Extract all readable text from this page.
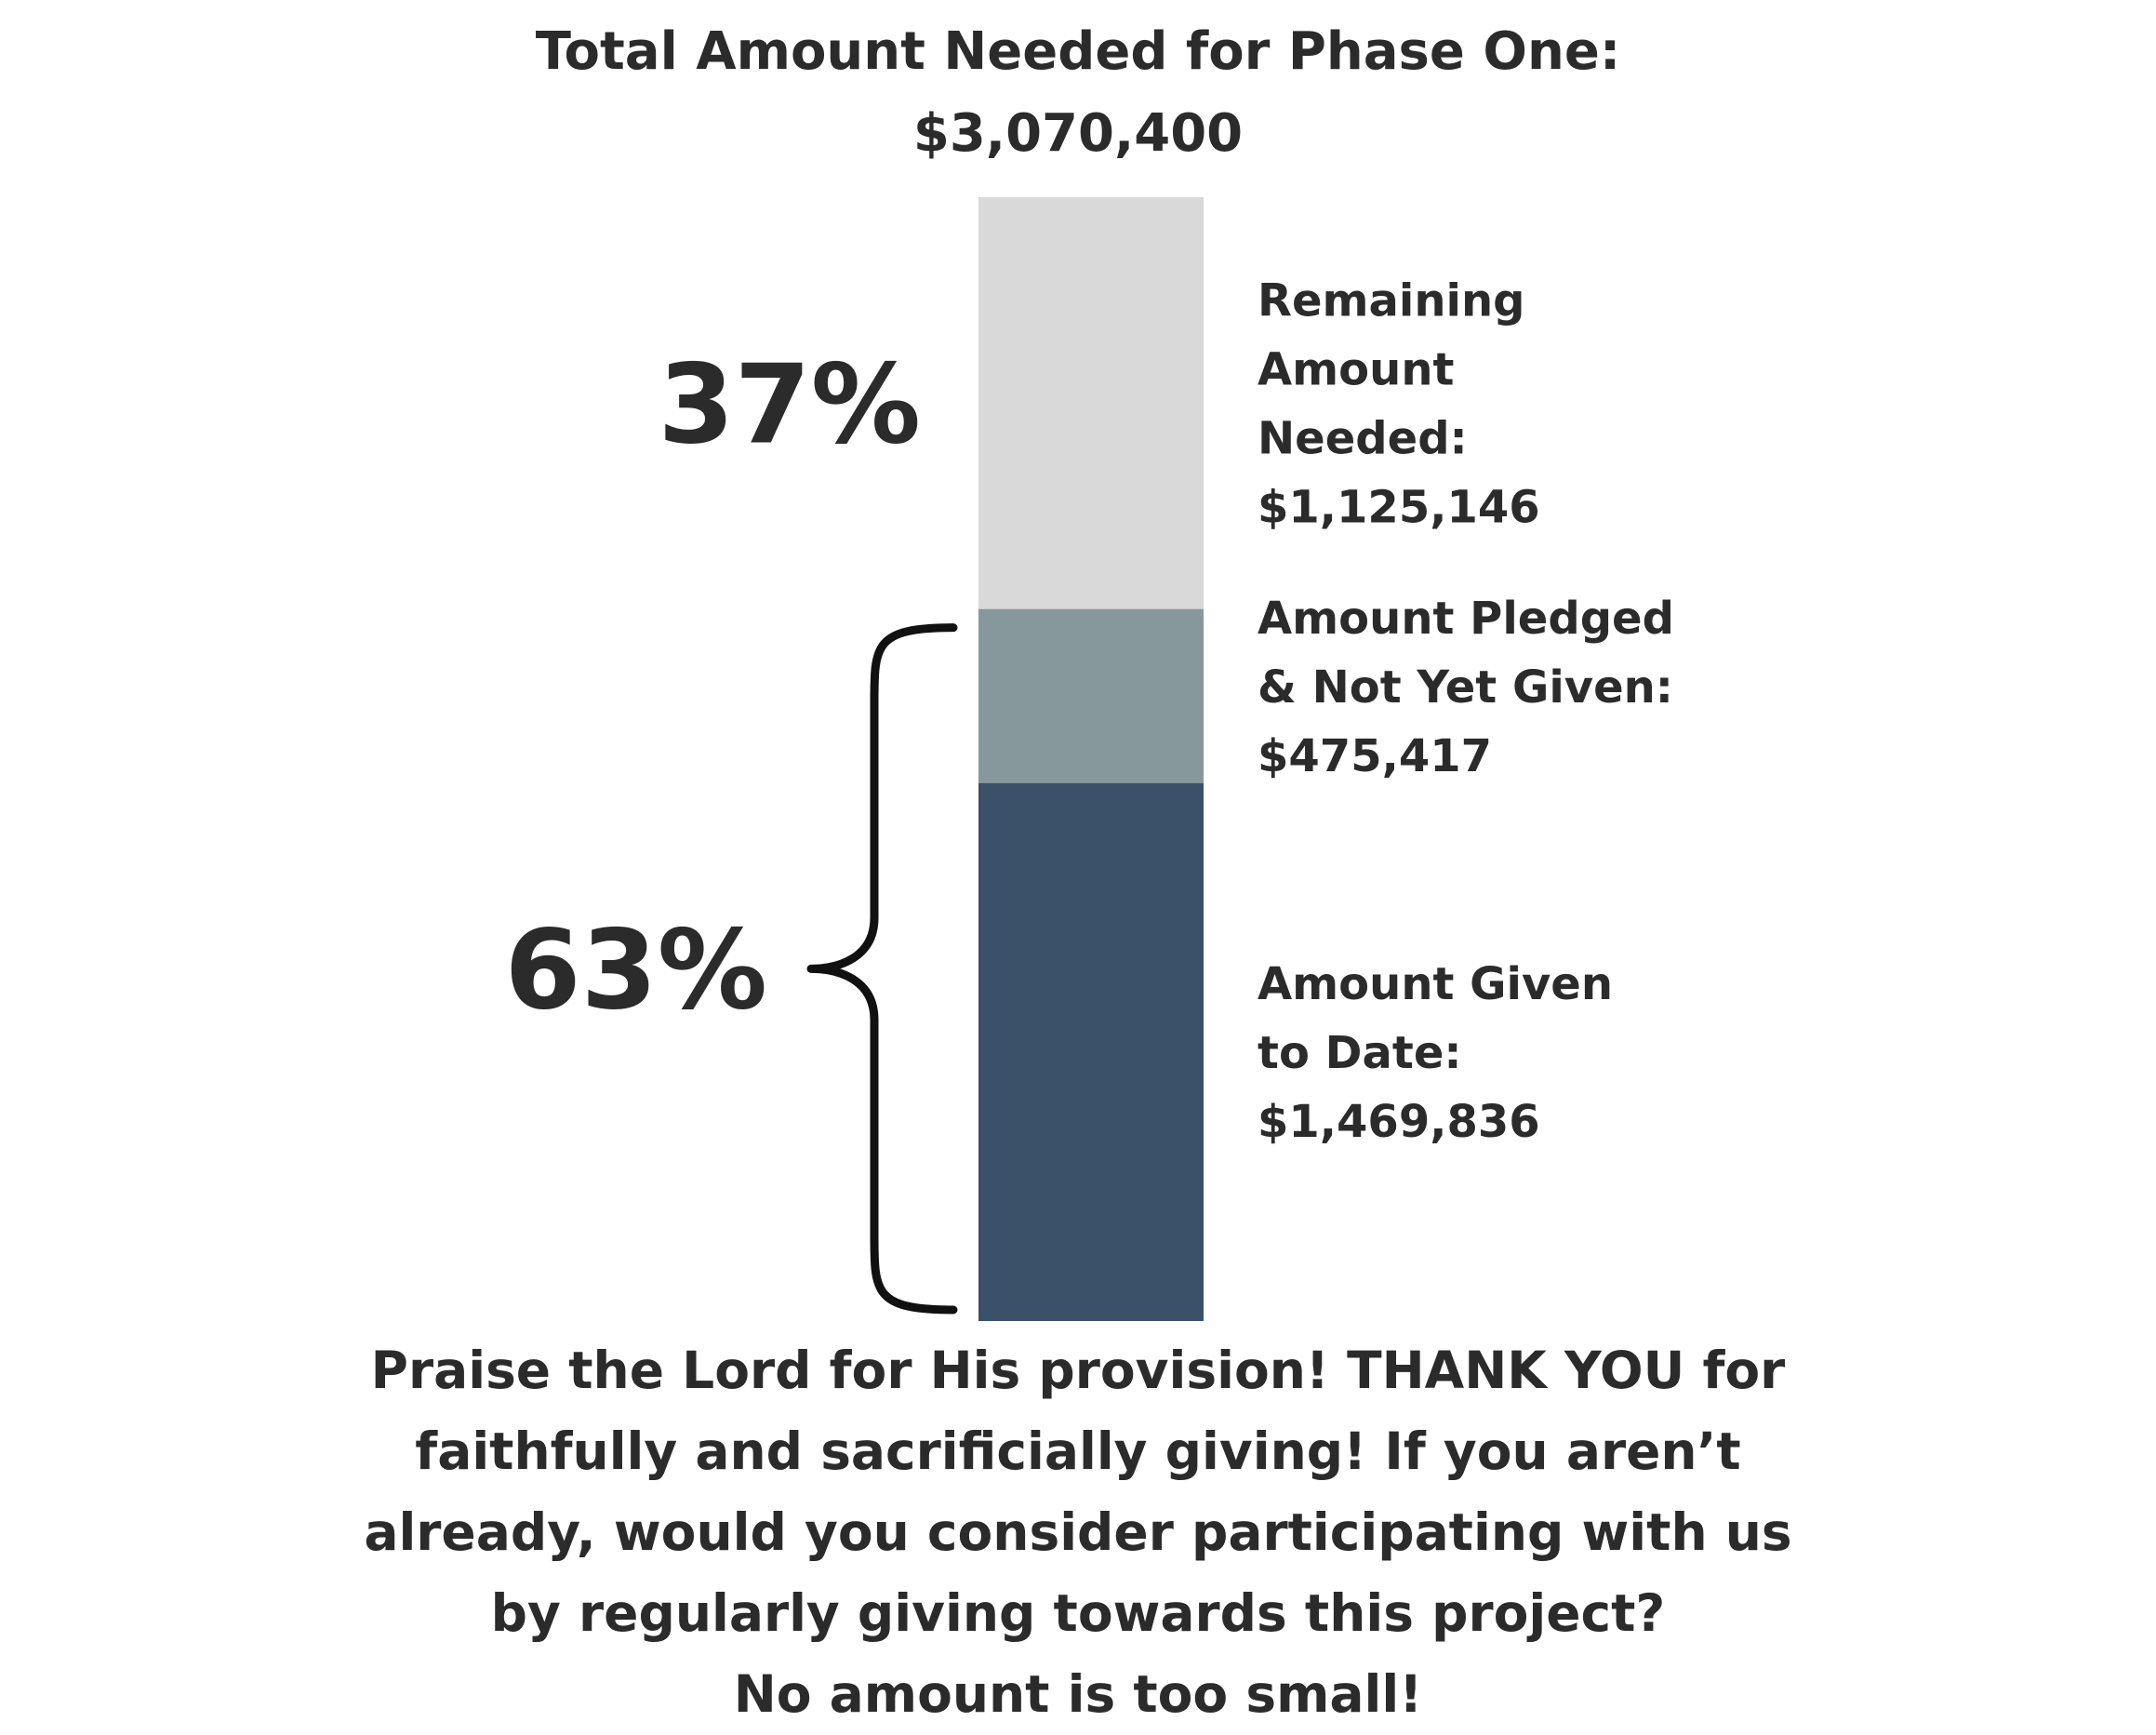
Total Amount Needed for Phase One:
$3,070,400
Remaining Amount Needed: $1,125,146
Amount Pledged & Not Yet Given: $475,417
Amount Given to Date: $1,469,836
37%
63%
Praise the Lord for His provision! THANK YOU for
faithfully and sacrificially giving! If you aren’t
already, would you consider participating with us
by regularly giving towards this project?
No amount is too small!
